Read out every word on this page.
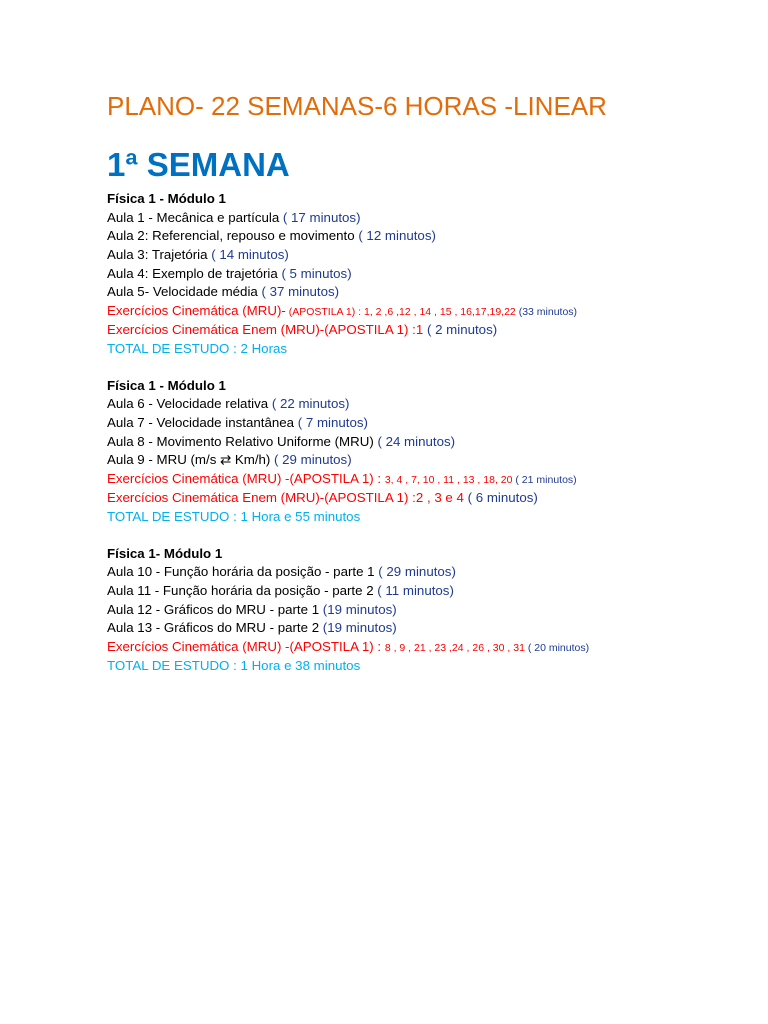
PLANO- 22 SEMANAS-6 HORAS -LINEAR
1ª SEMANA
Física 1 - Módulo 1
Aula 1 - Mecânica e partícula ( 17 minutos)
Aula 2: Referencial, repouso e movimento ( 12 minutos)
Aula 3: Trajetória ( 14 minutos)
Aula 4: Exemplo de trajetória ( 5 minutos)
Aula 5- Velocidade média ( 37 minutos)
Exercícios Cinemática (MRU)- (APOSTILA 1) : 1, 2 ,6 ,12 , 14 , 15 , 16,17,19,22 (33 minutos)
Exercícios Cinemática Enem (MRU)-(APOSTILA 1) :1 ( 2 minutos)
TOTAL DE ESTUDO : 2 Horas
Física 1 - Módulo 1
Aula 6 - Velocidade relativa ( 22 minutos)
Aula 7 - Velocidade instantânea ( 7 minutos)
Aula 8 - Movimento Relativo Uniforme (MRU) ( 24 minutos)
Aula 9 - MRU (m/s ⇄ Km/h) ( 29 minutos)
Exercícios Cinemática (MRU) -(APOSTILA 1) : 3, 4 , 7, 10 , 11 , 13 , 18, 20 ( 21 minutos)
Exercícios Cinemática Enem (MRU)-(APOSTILA 1) :2 , 3 e 4 ( 6 minutos)
TOTAL DE ESTUDO : 1 Hora e 55 minutos
Física 1- Módulo 1
Aula 10 - Função horária da posição - parte 1 ( 29 minutos)
Aula 11 - Função horária da posição - parte 2 ( 11 minutos)
Aula 12 - Gráficos do MRU - parte 1 (19 minutos)
Aula 13 - Gráficos do MRU - parte 2 (19 minutos)
Exercícios Cinemática (MRU) -(APOSTILA 1) : 8 , 9 , 21 , 23 ,24 , 26 , 30 , 31 ( 20 minutos)
TOTAL DE ESTUDO : 1 Hora e 38 minutos
